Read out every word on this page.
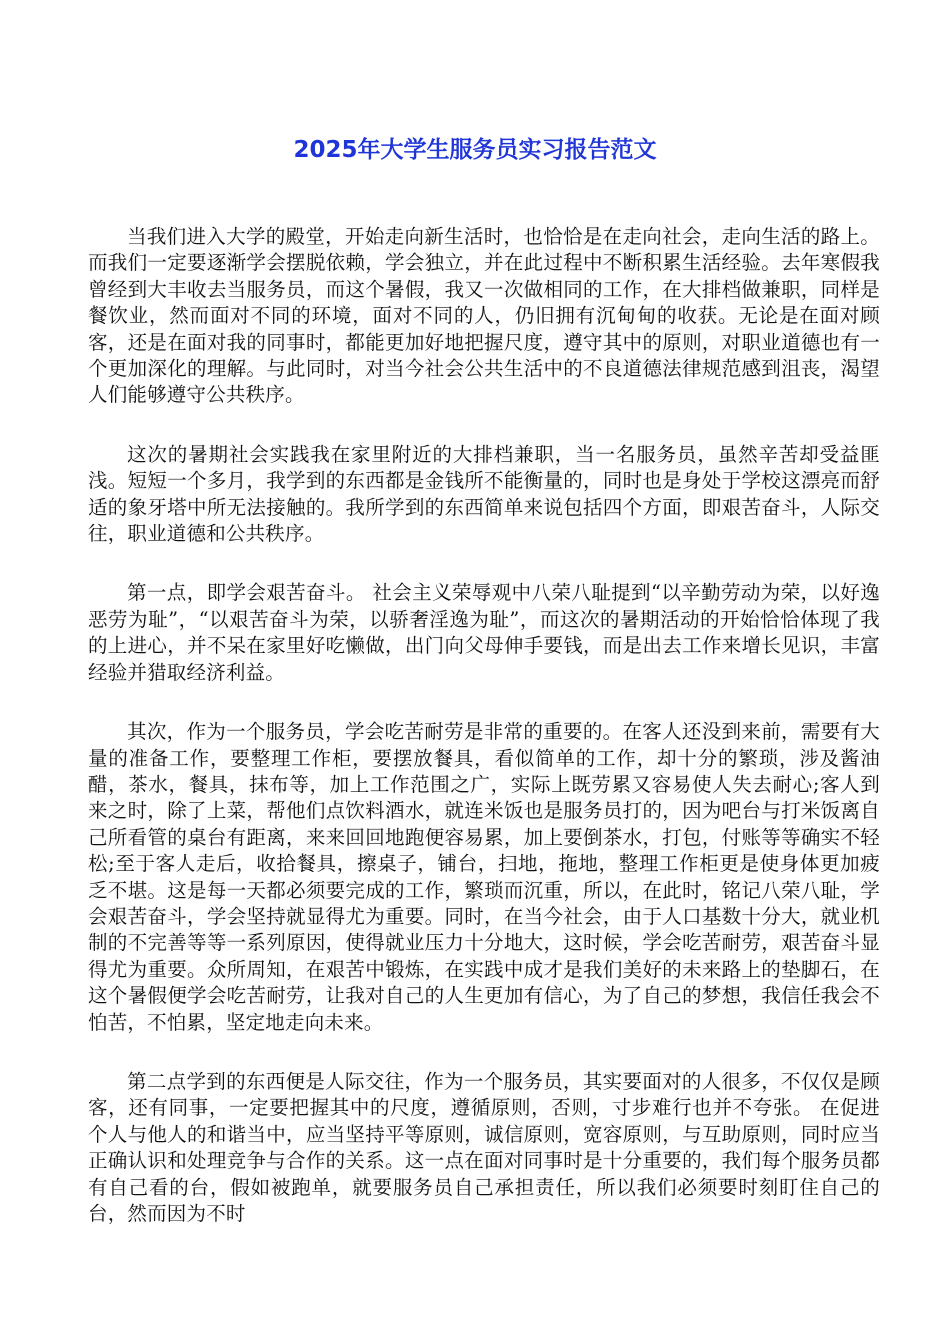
2025年大学生服务员实习报告范文

当我们进入大学的殿堂，开始走向新生活时，也恰恰是在走向社会，走向生活的路上。而我们一定要逐渐学会摆脱依赖，学会独立，并在此过程中不断积累生活经验。去年寒假我曾经到大丰收去当服务员，而这个暑假，我又一次做相同的工作，在大排档做兼职，同样是餐饮业，然而面对不同的环境，面对不同的人，仍旧拥有沉甸甸的收获。无论是在面对顾客，还是在面对我的同事时，都能更加好地把握尺度，遵守其中的原则，对职业道德也有一个更加深化的理解。与此同时，对当今社会公共生活中的不良道德法律规范感到沮丧，渴望人们能够遵守公共秩序。

这次的暑期社会实践我在家里附近的大排档兼职，当一名服务员，虽然辛苦却受益匪浅。短短一个多月，我学到的东西都是金钱所不能衡量的，同时也是身处于学校这漂亮而舒适的象牙塔中所无法接触的。我所学到的东西简单来说包括四个方面，即艰苦奋斗，人际交往，职业道德和公共秩序。

第一点，即学会艰苦奋斗。 社会主义荣辱观中八荣八耻提到“以辛勤劳动为荣，以好逸恶劳为耻”，“以艰苦奋斗为荣，以骄奢淫逸为耻”，而这次的暑期活动的开始恰恰体现了我的上进心，并不呆在家里好吃懒做，出门向父母伸手要钱，而是出去工作来增长见识，丰富经验并猎取经济利益。

其次，作为一个服务员，学会吃苦耐劳是非常的重要的。在客人还没到来前，需要有大量的准备工作，要整理工作柜，要摆放餐具，看似简单的工作，却十分的繁琐，涉及酱油醋，茶水，餐具，抹布等，加上工作范围之广，实际上既劳累又容易使人失去耐心;客人到来之时，除了上菜，帮他们点饮料酒水，就连米饭也是服务员打的，因为吧台与打米饭离自己所看管的桌台有距离，来来回回地跑便容易累，加上要倒茶水，打包，付账等等确实不轻松;至于客人走后，收拾餐具，擦桌子，铺台，扫地，拖地，整理工作柜更是使身体更加疲乏不堪。这是每一天都必须要完成的工作，繁琐而沉重，所以，在此时，铭记八荣八耻，学会艰苦奋斗，学会坚持就显得尤为重要。同时，在当今社会，由于人口基数十分大，就业机制的不完善等等一系列原因，使得就业压力十分地大，这时候，学会吃苦耐劳，艰苦奋斗显得尤为重要。众所周知，在艰苦中锻炼，在实践中成才是我们美好的未来路上的垫脚石，在这个暑假便学会吃苦耐劳，让我对自己的人生更加有信心，为了自己的梦想，我信任我会不怕苦，不怕累，坚定地走向未来。

第二点学到的东西便是人际交往，作为一个服务员，其实要面对的人很多，不仅仅是顾客，还有同事，一定要把握其中的尺度，遵循原则，否则，寸步难行也并不夸张。 在促进个人与他人的和谐当中，应当坚持平等原则，诚信原则，宽容原则，与互助原则，同时应当正确认识和处理竞争与合作的关系。这一点在面对同事时是十分重要的，我们每个服务员都有自己看的台，假如被跑单，就要服务员自己承担责任，所以我们必须要时刻盯住自己的台，然而因为不时
